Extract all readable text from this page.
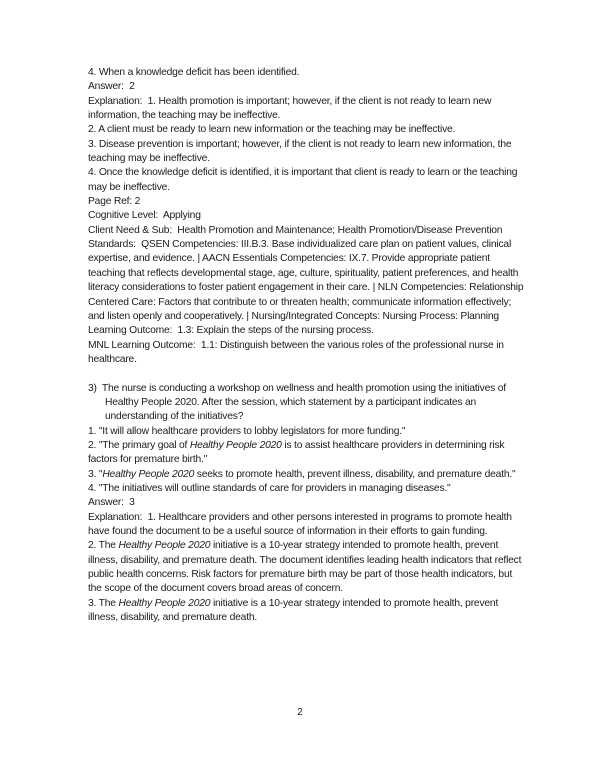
4. When a knowledge deficit has been identified.

Answer:  2

Explanation:  1. Health promotion is important; however, if the client is not ready to learn new information, the teaching may be ineffective.

2. A client must be ready to learn new information or the teaching may be ineffective.

3. Disease prevention is important; however, if the client is not ready to learn new information, the teaching may be ineffective.

4. Once the knowledge deficit is identified, it is important that client is ready to learn or the teaching may be ineffective.

Page Ref: 2

Cognitive Level:  Applying

Client Need & Sub:  Health Promotion and Maintenance; Health Promotion/Disease Prevention

Standards:  QSEN Competencies: III.B.3. Base individualized care plan on patient values, clinical expertise, and evidence. | AACN Essentials Competencies: IX.7. Provide appropriate patient teaching that reflects developmental stage, age, culture, spirituality, patient preferences, and health literacy considerations to foster patient engagement in their care. | NLN Competencies: Relationship Centered Care: Factors that contribute to or threaten health; communicate information effectively; and listen openly and cooperatively. | Nursing/Integrated Concepts: Nursing Process: Planning

Learning Outcome:  1.3: Explain the steps of the nursing process.

MNL Learning Outcome:  1.1: Distinguish between the various roles of the professional nurse in healthcare.

3)  The nurse is conducting a workshop on wellness and health promotion using the initiatives of Healthy People 2020. After the session, which statement by a participant indicates an understanding of the initiatives?

1. "It will allow healthcare providers to lobby legislators for more funding."

2. "The primary goal of Healthy People 2020 is to assist healthcare providers in determining risk factors for premature birth."

3. "Healthy People 2020 seeks to promote health, prevent illness, disability, and premature death."

4. "The initiatives will outline standards of care for providers in managing diseases."

Answer:  3

Explanation:  1. Healthcare providers and other persons interested in programs to promote health have found the document to be a useful source of information in their efforts to gain funding.

2. The Healthy People 2020 initiative is a 10-year strategy intended to promote health, prevent illness, disability, and premature death. The document identifies leading health indicators that reflect public health concerns. Risk factors for premature birth may be part of those health indicators, but the scope of the document covers broad areas of concern.

3. The Healthy People 2020 initiative is a 10-year strategy intended to promote health, prevent illness, disability, and premature death.

2
